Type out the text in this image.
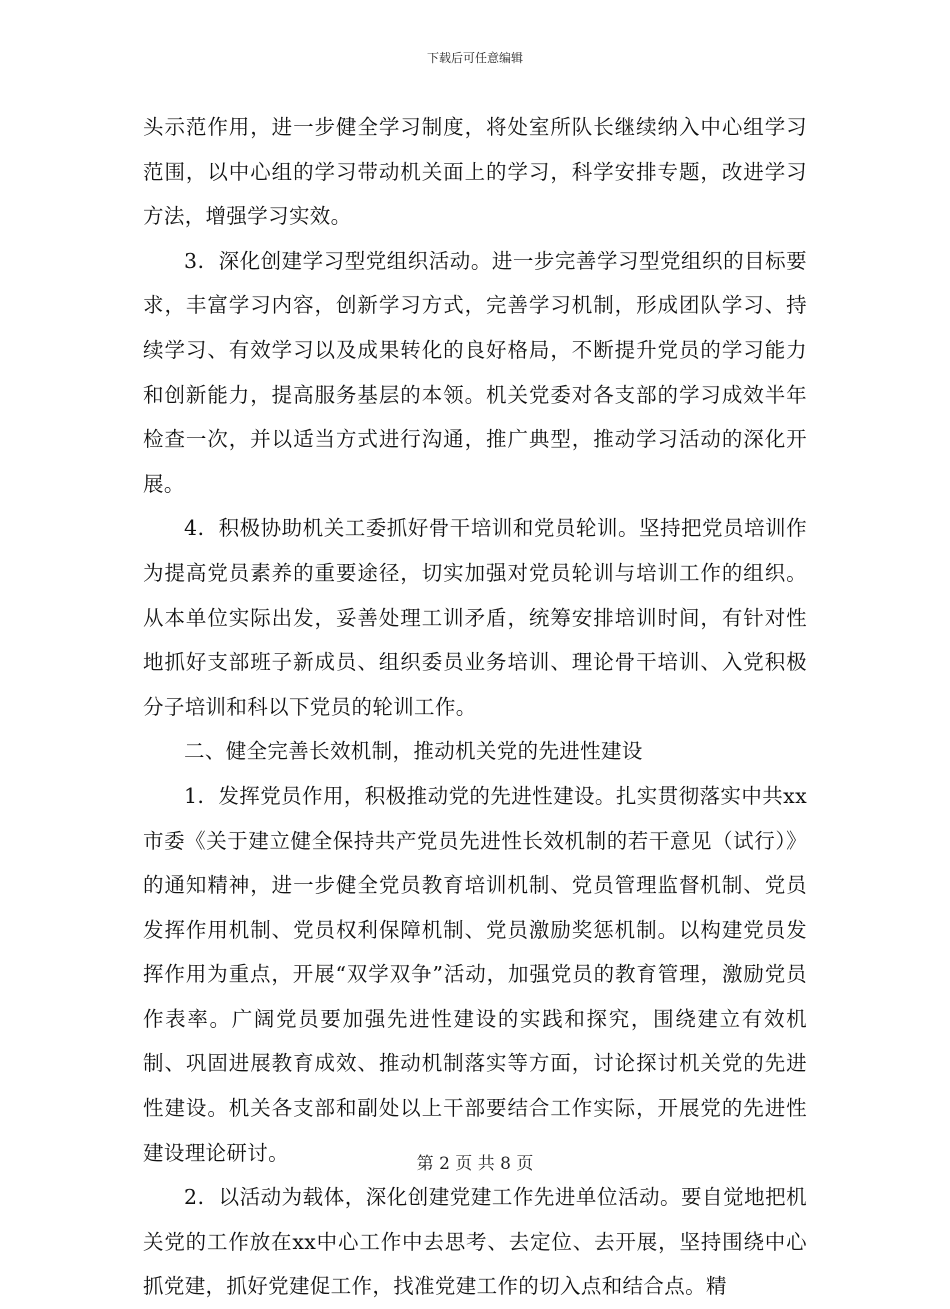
下载后可任意编辑

头示范作用，进一步健全学习制度，将处室所队长继续纳入中心组学习范围，以中心组的学习带动机关面上的学习，科学安排专题，改进学习方法，增强学习实效。

3．深化创建学习型党组织活动。进一步完善学习型党组织的目标要求，丰富学习内容，创新学习方式，完善学习机制，形成团队学习、持续学习、有效学习以及成果转化的良好格局，不断提升党员的学习能力和创新能力，提高服务基层的本领。机关党委对各支部的学习成效半年检查一次，并以适当方式进行沟通，推广典型，推动学习活动的深化开展。

4．积极协助机关工委抓好骨干培训和党员轮训。坚持把党员培训作为提高党员素养的重要途径，切实加强对党员轮训与培训工作的组织。从本单位实际出发，妥善处理工训矛盾，统筹安排培训时间，有针对性地抓好支部班子新成员、组织委员业务培训、理论骨干培训、入党积极分子培训和科以下党员的轮训工作。

二、健全完善长效机制，推动机关党的先进性建设

1．发挥党员作用，积极推动党的先进性建设。扎实贯彻落实中共xx市委《关于建立健全保持共产党员先进性长效机制的若干意见（试行）》的通知精神，进一步健全党员教育培训机制、党员管理监督机制、党员发挥作用机制、党员权利保障机制、党员激励奖惩机制。以构建党员发挥作用为重点，开展“双学双争”活动，加强党员的教育管理，激励党员作表率。广阔党员要加强先进性建设的实践和探究，围绕建立有效机制、巩固进展教育成效、推动机制落实等方面，讨论探讨机关党的先进性建设。机关各支部和副处以上干部要结合工作实际，开展党的先进性建设理论研讨。

2．以活动为载体，深化创建党建工作先进单位活动。要自觉地把机关党的工作放在xx中心工作中去思考、去定位、去开展，坚持围绕中心抓党建，抓好党建促工作，找准党建工作的切入点和结合点。精

第 2 页 共 8 页
